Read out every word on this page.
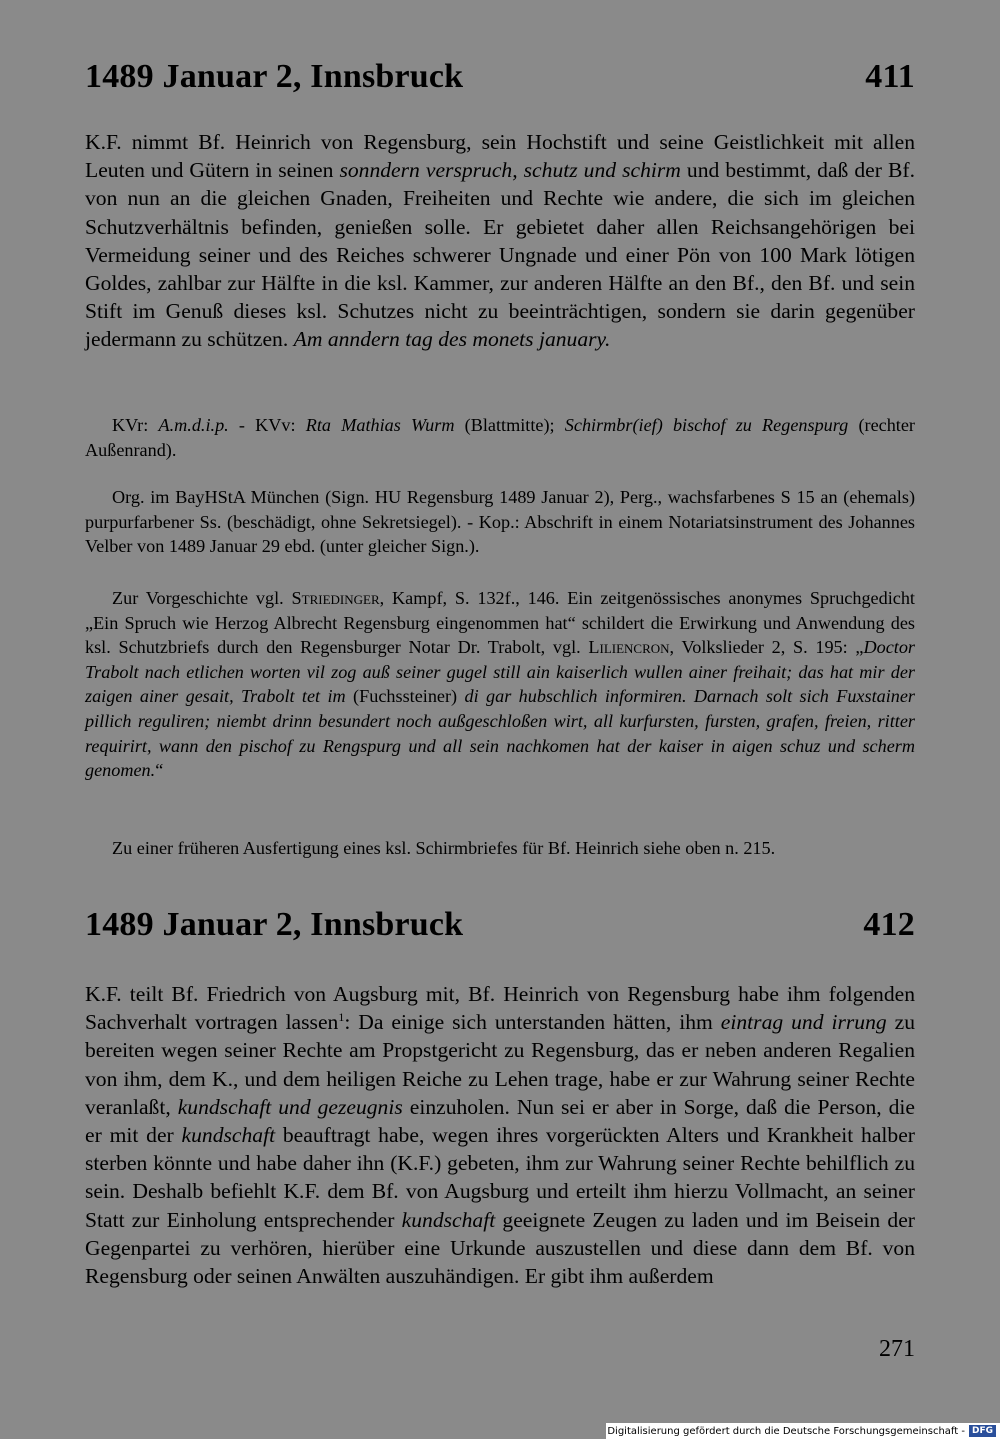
1489 Januar 2, Innsbruck	411

K.F. nimmt Bf. Heinrich von Regensburg, sein Hochstift und seine Geistlichkeit mit allen Leuten und Gütern in seinen sonndern verspruch, schutz und schirm und bestimmt, daß der Bf. von nun an die gleichen Gnaden, Freiheiten und Rechte wie andere, die sich im gleichen Schutzverhältnis befinden, genießen solle. Er gebietet daher allen Reichsangehörigen bei Vermeidung seiner und des Reiches schwerer Ungnade und einer Pön von 100 Mark lötigen Goldes, zahlbar zur Hälfte in die ksl. Kammer, zur anderen Hälfte an den Bf., den Bf. und sein Stift im Genuß dieses ksl. Schutzes nicht zu beeinträchtigen, sondern sie darin gegenüber jedermann zu schützen. Am anndern tag des monets january.

KVr: A.m.d.i.p. - KVv: Rta Mathias Wurm (Blattmitte); Schirmbr(ief) bischof zu Regenspurg (rechter Außenrand).

Org. im BayHStA München (Sign. HU Regensburg 1489 Januar 2), Perg., wachsfarbenes S 15 an (ehemals) purpurfarbener Ss. (beschädigt, ohne Sekretsiegel). - Kop.: Abschrift in einem Notariatsinstrument des Johannes Velber von 1489 Januar 29 ebd. (unter gleicher Sign.).

Zur Vorgeschichte vgl. Striedinger, Kampf, S. 132f., 146. Ein zeitgenössisches anonymes Spruchgedicht „Ein Spruch wie Herzog Albrecht Regensburg eingenommen hat“ schildert die Erwirkung und Anwendung des ksl. Schutzbriefs durch den Regensburger Notar Dr. Trabolt, vgl. Liliencron, Volkslieder 2, S. 195: „Doctor Trabolt nach etlichen worten vil zog auß seiner gugel still ain kaiserlich wullen ainer freihait; das hat mir der zaigen ainer gesait, Trabolt tet im (Fuchssteiner) di gar hubschlich informiren. Darnach solt sich Fuxstainer pillich reguliren; niembt drinn besundert noch außgeschloßen wirt, all kurfursten, fursten, grafen, freien, ritter requirirt, wann den pischof zu Rengspurg und all sein nachkomen hat der kaiser in aigen schuz und scherm genomen.“

Zu einer früheren Ausfertigung eines ksl. Schirmbriefes für Bf. Heinrich siehe oben n. 215.

1489 Januar 2, Innsbruck	412

K.F. teilt Bf. Friedrich von Augsburg mit, Bf. Heinrich von Regensburg habe ihm folgenden Sachverhalt vortragen lassen$^1$: Da einige sich unterstanden hätten, ihm eintrag und irrung zu bereiten wegen seiner Rechte am Propstgericht zu Regensburg, das er neben anderen Regalien von ihm, dem K., und dem heiligen Reiche zu Lehen trage, habe er zur Wahrung seiner Rechte veranlaßt, kundschaft und gezeugnis einzuholen. Nun sei er aber in Sorge, daß die Person, die er mit der kundschaft beauftragt habe, wegen ihres vorgerückten Alters und Krankheit halber sterben könnte und habe daher ihn (K.F.) gebeten, ihm zur Wahrung seiner Rechte behilflich zu sein. Deshalb befiehlt K.F. dem Bf. von Augsburg und erteilt ihm hierzu Vollmacht, an seiner Statt zur Einholung entsprechender kundschaft geeignete Zeugen zu laden und im Beisein der Gegenpartei zu verhören, hierüber eine Urkunde auszustellen und diese dann dem Bf. von Regensburg oder seinen Anwälten auszuhändigen. Er gibt ihm außerdem

271
Digitalisierung gefördert durch die Deutsche Forschungsgemeinschaft - DFG
